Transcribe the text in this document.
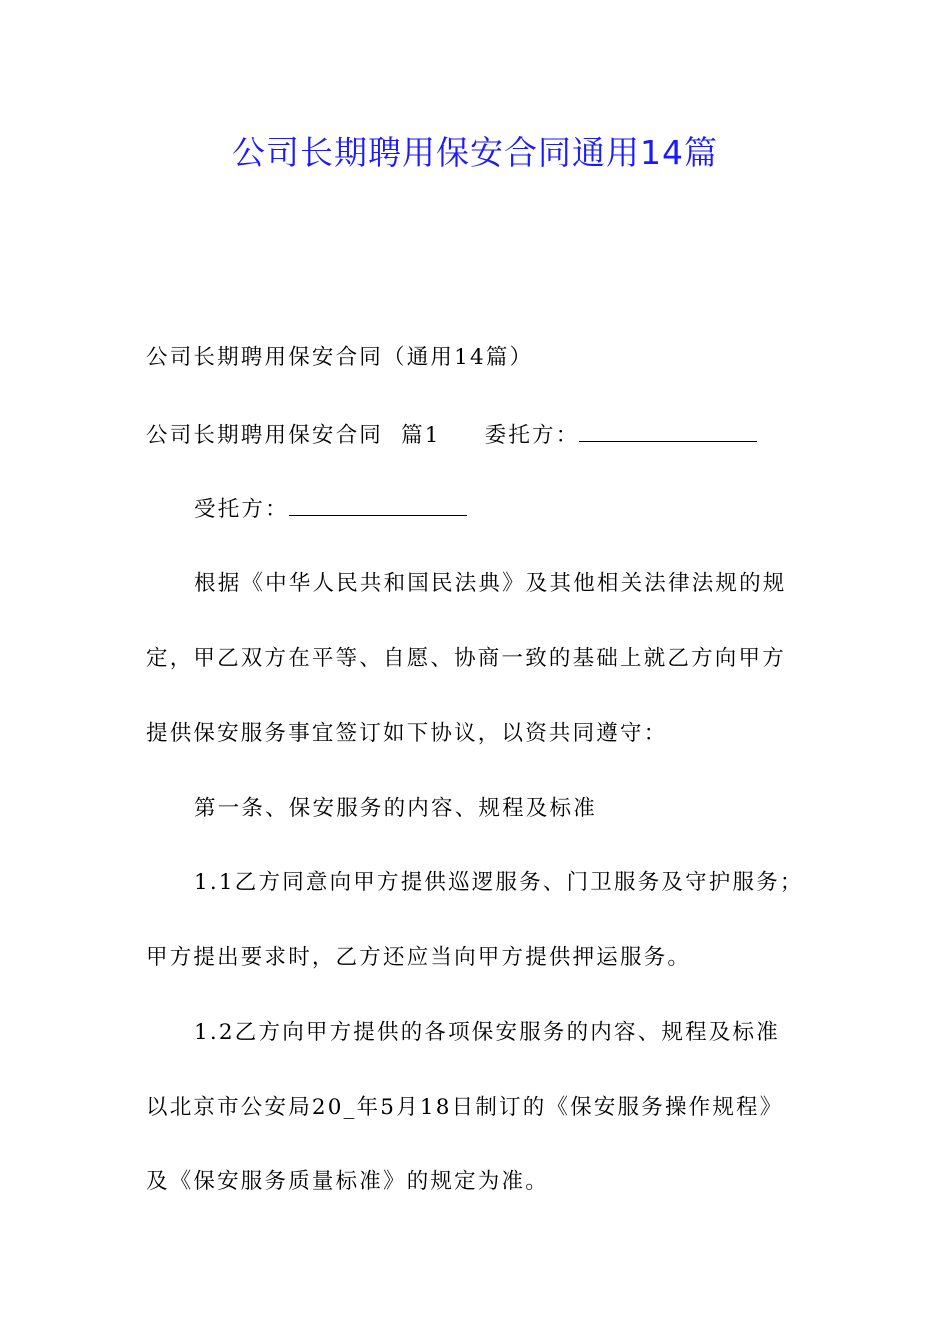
公司长期聘用保安合同通用14篇
公司长期聘用保安合同（通用14篇）
公司长期聘用保安合同  篇1 委托方：
受托方：
根据《中华人民共和国民法典》及其他相关法律法规的规
定，甲乙双方在平等、自愿、协商一致的基础上就乙方向甲方
提供保安服务事宜签订如下协议，以资共同遵守：
第一条、保安服务的内容、规程及标准
1.1乙方同意向甲方提供巡逻服务、门卫服务及守护服务；
甲方提出要求时，乙方还应当向甲方提供押运服务。
1.2乙方向甲方提供的各项保安服务的内容、规程及标准
以北京市公安局20_年5月18日制订的《保安服务操作规程》
及《保安服务质量标准》的规定为准。
